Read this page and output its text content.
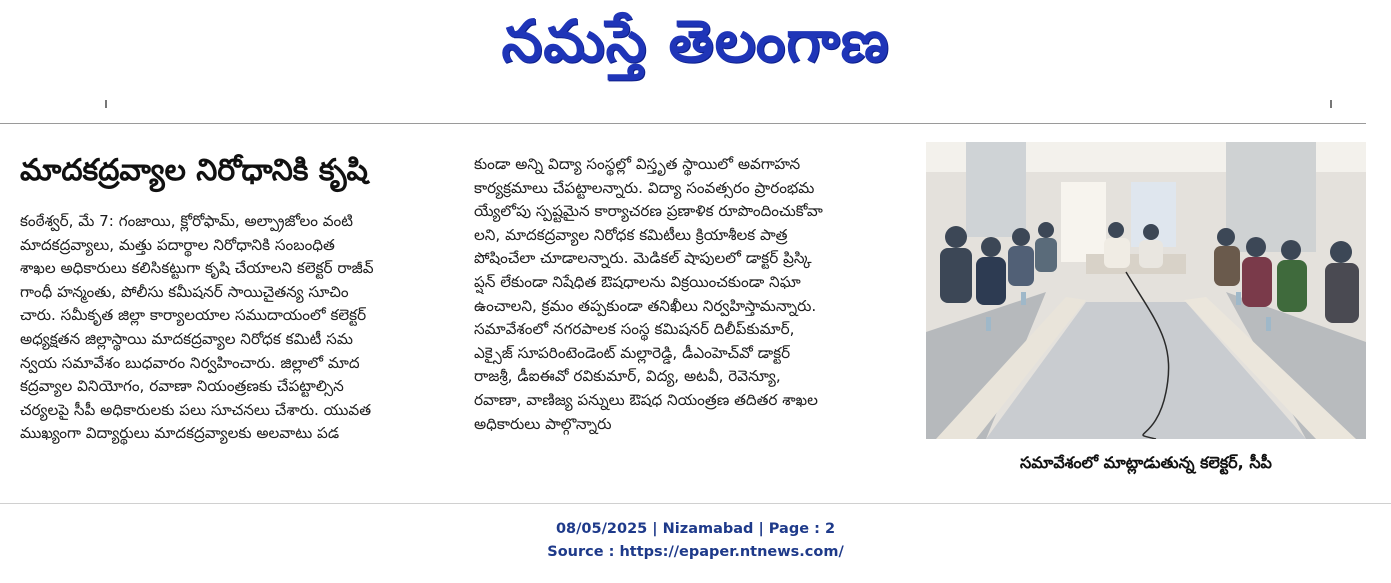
నమస్తే తెలంగాణ
మాదకద్రవ్యాల నిరోధానికి కృషి
కంఠేశ్వర్, మే 7: గంజాయి, క్లోరోఫామ్, అల్ప్రాజోలం వంటి
మాదకద్రవ్యాలు, మత్తు పదార్థాల నిరోధానికి సంబంధిత
శాఖల అధికారులు కలిసికట్టుగా కృషి చేయాలని కలెక్టర్ రాజీవ్
గాంధీ హన్మంతు, పోలీసు కమీషనర్ సాయిచైతన్య సూచిం
చారు. సమీకృత జిల్లా కార్యాలయాల సముదాయంలో కలెక్టర్
అధ్యక్షతన జిల్లాస్థాయి మాదకద్రవ్యాల నిరోధక కమిటీ సమ
న్వయ సమావేశం బుధవారం నిర్వహించారు. జిల్లాలో మాద
కద్రవ్యాల వినియోగం, రవాణా నియంత్రణకు చేపట్టాల్సిన
చర్యలపై సీపీ అధికారులకు పలు సూచనలు చేశారు. యువత
ముఖ్యంగా విద్యార్థులు మాదకద్రవ్యాలకు అలవాటు పడ
కుండా అన్ని విద్యా సంస్థల్లో విస్తృత స్థాయిలో అవగాహన
కార్యక్రమాలు చేపట్టాలన్నారు. విద్యా సంవత్సరం ప్రారంభమ
య్యేలోపు స్పష్టమైన కార్యాచరణ ప్రణాళిక రూపొందించుకోవా
లని, మాదకద్రవ్యాల నిరోధక కమిటీలు క్రియాశీలక పాత్ర
పోషించేలా చూడాలన్నారు. మెడికల్ షాపులలో డాక్టర్ ప్రిస్కి
ప్షన్ లేకుండా నిషేధిత ఔషధాలను విక్రయించకుండా నిఘా
ఉంచాలని, క్రమం తప్పకుండా తనిఖీలు నిర్వహిస్తామన్నారు.
సమావేశంలో నగరపాలక సంస్థ కమిషనర్ దిలీప్‌కుమార్,
ఎక్సైజ్ సూపరింటెండెంట్ మల్లారెడ్డి, డీఎంహెచ్‌వో డాక్టర్
రాజశ్రీ, డీఐఈవో రవికుమార్, విద్య, అటవీ, రెవెన్యూ,
రవాణా, వాణిజ్య పన్నులు ఔషధ నియంత్రణ తదితర శాఖల
అధికారులు పాల్గొన్నారు
సమావేశంలో మాట్లాడుతున్న కలెక్టర్, సీపీ
08/05/2025 | Nizamabad | Page : 2
Source : https://epaper.ntnews.com/
